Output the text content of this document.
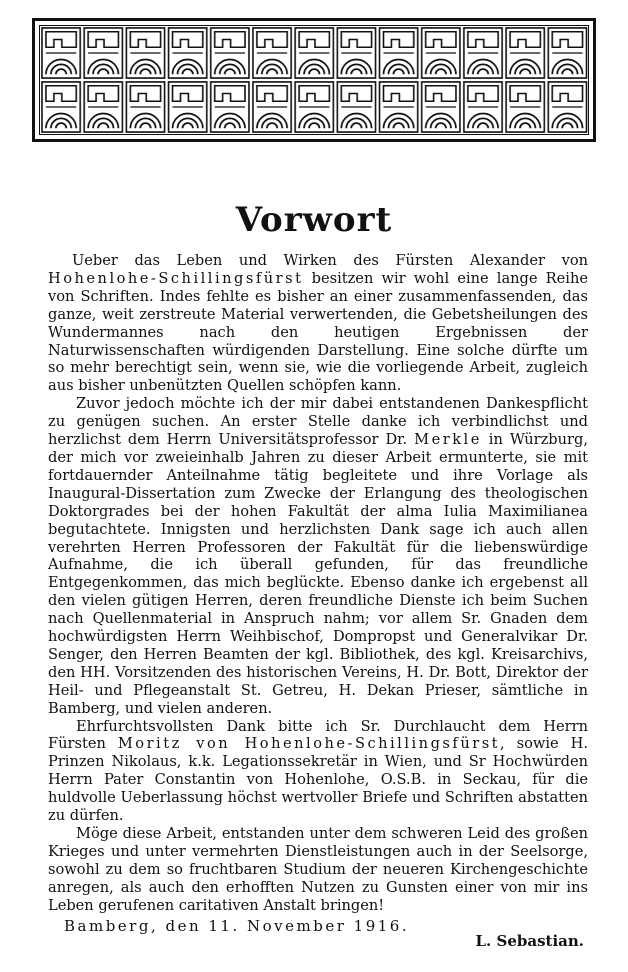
Vorwort

Ueber das Leben und Wirken des Fürsten Alexander von Hohenlohe-Schillingsfürst besitzen wir wohl eine lange Reihe von Schriften. Indes fehlte es bisher an einer zusammenfassenden, das ganze, weit zerstreute Material verwertenden, die Gebetsheilungen des Wundermannes nach den heutigen Ergebnissen der Naturwissenschaften würdigenden Darstellung. Eine solche dürfte um so mehr berechtigt sein, wenn sie, wie die vorliegende Arbeit, zugleich aus bisher unbenützten Quellen schöpfen kann.

Zuvor jedoch möchte ich der mir dabei entstandenen Dankespflicht zu genügen suchen. An erster Stelle danke ich verbindlichst und herzlichst dem Herrn Universitätsprofessor Dr. Merkle in Würzburg, der mich vor zweieinhalb Jahren zu dieser Arbeit ermunterte, sie mit fortdauernder Anteilnahme tätig begleitete und ihre Vorlage als Inaugural-Dissertation zum Zwecke der Erlangung des theologischen Doktorgrades bei der hohen Fakultät der alma Iulia Maximilianea begutachtete. Innigsten und herzlichsten Dank sage ich auch allen verehrten Herren Professoren der Fakultät für die liebenswürdige Aufnahme, die ich überall gefunden, für das freundliche Entgegenkommen, das mich beglückte. Ebenso danke ich ergebenst all den vielen gütigen Herren, deren freundliche Dienste ich beim Suchen nach Quellenmaterial in Anspruch nahm; vor allem Sr. Gnaden dem hochwürdigsten Herrn Weihbischof, Dompropst und Generalvikar Dr. Senger, den Herren Beamten der kgl. Bibliothek, des kgl. Kreisarchivs, den HH. Vorsitzenden des historischen Vereins, H. Dr. Bott, Direktor der Heil- und Pflegeanstalt St. Getreu, H. Dekan Prieser, sämtliche in Bamberg, und vielen anderen.

Ehrfurchtsvollsten Dank bitte ich Sr. Durchlaucht dem Herrn Fürsten Moritz von Hohenlohe-Schillingsfürst, sowie H. Prinzen Nikolaus, k.k. Legationssekretär in Wien, und Sr Hochwürden Herrn Pater Constantin von Hohenlohe, O.S.B. in Seckau, für die huldvolle Ueberlassung höchst wertvoller Briefe und Schriften abstatten zu dürfen.

Möge diese Arbeit, entstanden unter dem schweren Leid des großen Krieges und unter vermehrten Dienstleistungen auch in der Seelsorge, sowohl zu dem so fruchtbaren Studium der neueren Kirchengeschichte anregen, als auch den erhofften Nutzen zu Gunsten einer von mir ins Leben gerufenen caritativen Anstalt bringen!

Bamberg, den 11. November 1916.
L. Sebastian.
